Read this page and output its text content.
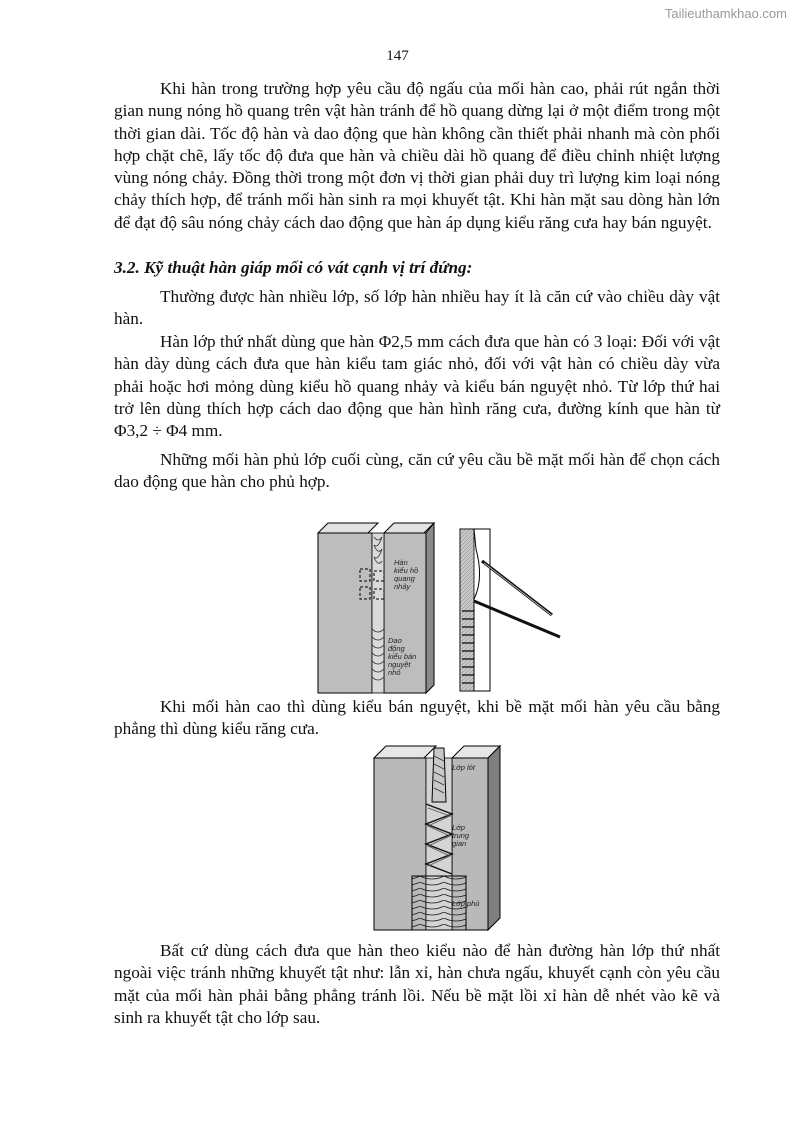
Tailieuthamkhao.com
147

Khi hàn trong trường hợp yêu cầu độ ngấu của mối hàn cao, phải rút ngắn thời gian nung nóng hồ quang trên vật hàn tránh để hồ quang dừng lại ở một điểm trong một thời gian dài. Tốc độ hàn và dao động que hàn không cần thiết phải nhanh mà còn phối hợp chặt chẽ, lấy tốc độ đưa que hàn và chiều dài hồ quang để điều chỉnh nhiệt lượng vùng nóng chảy. Đồng thời trong một đơn vị thời gian phải duy trì lượng kim loại nóng chảy thích hợp, để tránh mối hàn sinh ra mọi khuyết tật. Khi hàn mặt sau dòng hàn lớn để đạt độ sâu nóng chảy cách dao động que hàn áp dụng kiểu răng cưa hay bán nguyệt.

3.2. Kỹ thuật hàn giáp mối có vát cạnh vị trí đứng:

Thường được hàn nhiều lớp, số lớp hàn nhiều hay ít là căn cứ vào chiều dày vật hàn.

Hàn lớp thứ nhất dùng que hàn Φ2,5 mm cách đưa que hàn có 3 loại: Đối với vật hàn dày dùng cách đưa que hàn kiểu tam giác nhỏ, đối với vật hàn có chiều dày vừa phải hoặc hơi mỏng dùng kiểu hồ quang nhảy và kiểu bán nguyệt nhỏ. Từ lớp thứ hai trở lên dùng thích hợp cách dao động que hàn hình răng cưa, đường kính que hàn từ Φ3,2 ÷ Φ4 mm.

Những mối hàn phủ lớp cuối cùng, căn cứ yêu cầu bề mặt mối hàn để chọn cách dao động que hàn cho phủ hợp.

Hàn kiểu hồ quang nhảy
Dao động kiểu bán nguyệt nhỏ

Khi mối hàn cao thì dùng kiểu bán nguyệt, khi bề mặt mối hàn yêu cầu bằng phẳng thì dùng kiểu răng cưa.

Lớp lót
Lớp trung gian
Lớp phủ

Bất cứ dùng cách đưa que hàn theo kiểu nào để hàn đường hàn lớp thứ nhất ngoài việc tránh những khuyết tật như: lẫn xỉ, hàn chưa ngấu, khuyết cạnh còn yêu cầu mặt của mối hàn phải bằng phẳng tránh lồi. Nếu bề mặt lồi xỉ hàn dễ nhét vào kẽ và sinh ra khuyết tật cho lớp sau.
